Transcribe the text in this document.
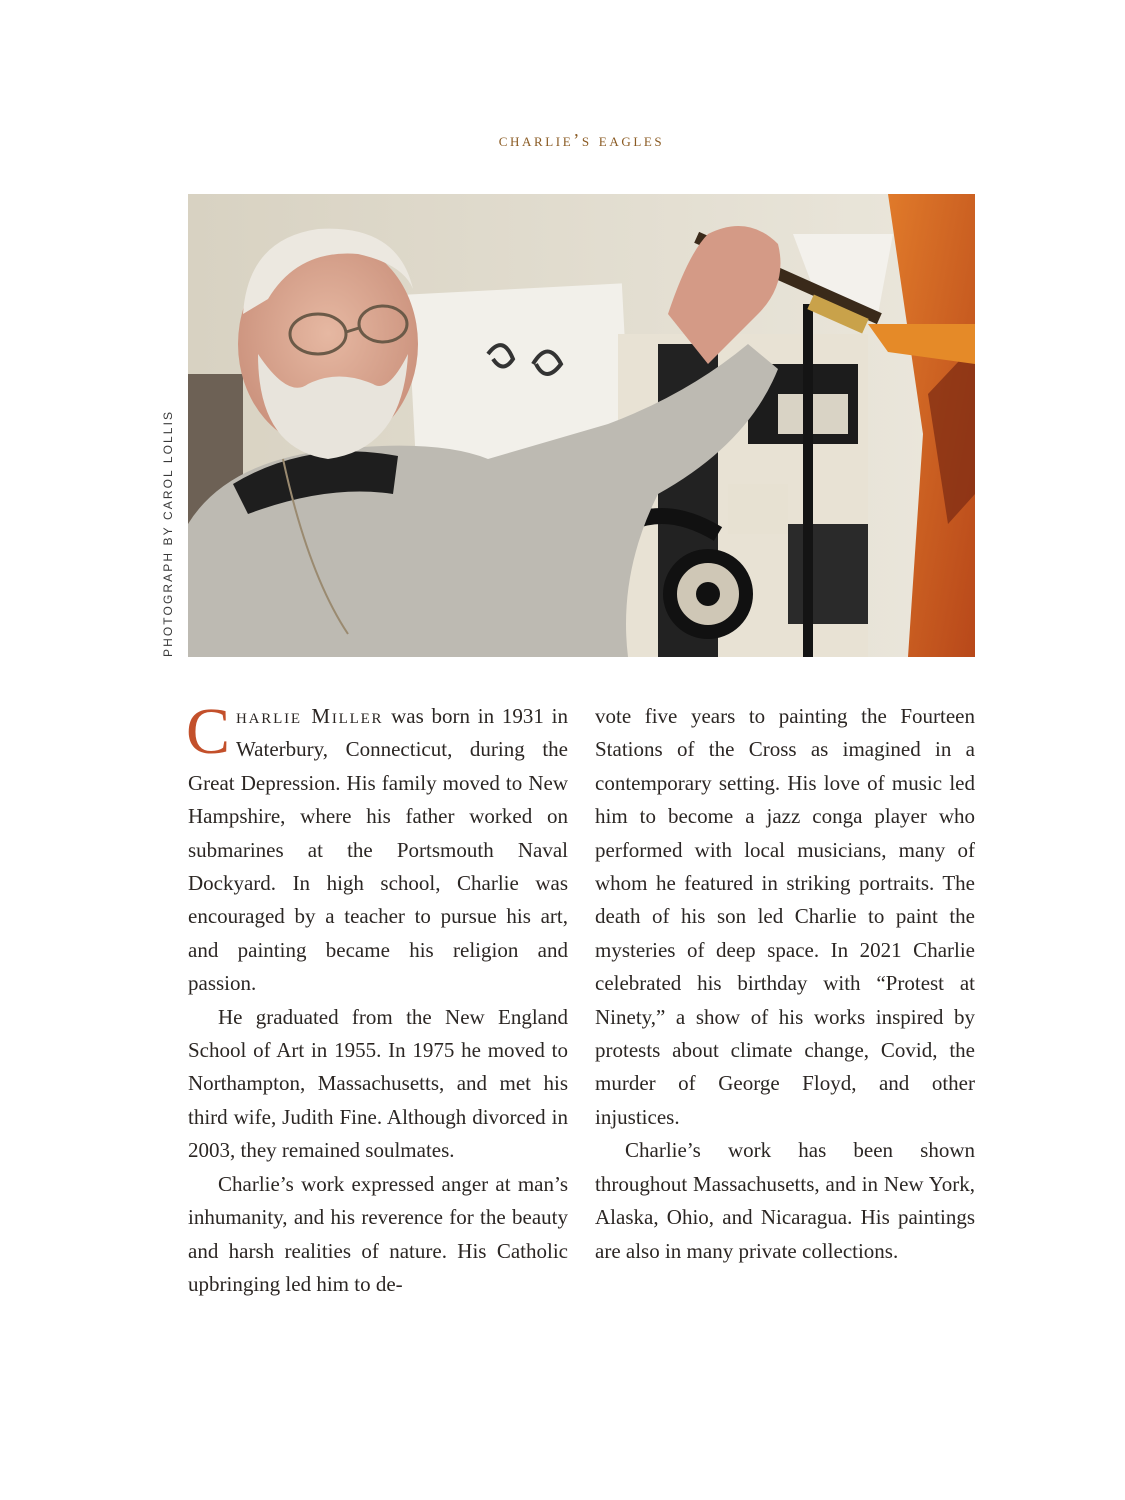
charlie’s eagles
PHOTOGRAPH BY CAROL LOLLIS

Charlie Miller was born in 1931 in Waterbury, Connecticut, during the Great Depression. His family moved to New Hampshire, where his father worked on submarines at the Portsmouth Naval Dockyard. In high school, Charlie was encouraged by a teacher to pursue his art, and painting became his religion and passion.

He graduated from the New England School of Art in 1955. In 1975 he moved to Northampton, Massachusetts, and met his third wife, Judith Fine. Although divorced in 2003, they remained soulmates.

Charlie’s work expressed anger at man’s inhumanity, and his reverence for the beauty and harsh realities of nature. His Catholic upbringing led him to de-

vote five years to painting the Fourteen Stations of the Cross as imagined in a contemporary setting. His love of music led him to become a jazz conga player who performed with local musicians, many of whom he featured in striking portraits. The death of his son led Charlie to paint the mysteries of deep space. In 2021 Charlie celebrated his birthday with “Protest at Ninety,” a show of his works inspired by protests about climate change, Covid, the murder of George Floyd, and other injustices.

Charlie’s work has been shown throughout Massachusetts, and in New York, Alaska, Ohio, and Nicaragua. His paintings are also in many private collections.
